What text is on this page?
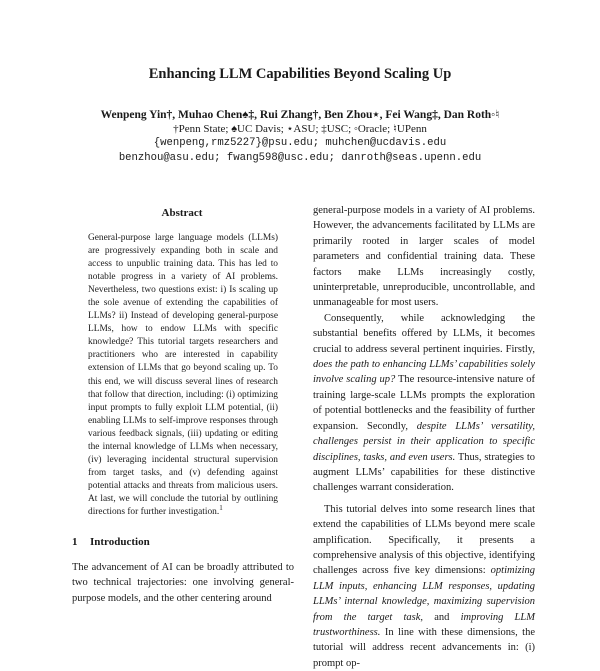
Enhancing LLM Capabilities Beyond Scaling Up
Wenpeng Yin†, Muhao Chen♠‡, Rui Zhang†, Ben Zhou⋆, Fei Wang‡, Dan Roth◦♮
†Penn State; ♠UC Davis; ⋆ASU; ‡USC; ◦Oracle; ♮UPenn
{wenpeng,rmz5227}@psu.edu; muhchen@ucdavis.edu
benzhou@asu.edu; fwang598@usc.edu; danroth@seas.upenn.edu
Abstract
General-purpose large language models (LLMs) are progressively expanding both in scale and access to unpublic training data. This has led to notable progress in a variety of AI problems. Nevertheless, two questions exist: i) Is scaling up the sole avenue of extending the capabilities of LLMs? ii) Instead of developing general-purpose LLMs, how to endow LLMs with specific knowledge? This tutorial targets researchers and practitioners who are interested in capability extension of LLMs that go beyond scaling up. To this end, we will discuss several lines of research that follow that direction, including: (i) optimizing input prompts to fully exploit LLM potential, (ii) enabling LLMs to self-improve responses through various feedback signals, (iii) updating or editing the internal knowledge of LLMs when necessary, (iv) leveraging incidental structural supervision from target tasks, and (v) defending against potential attacks and threats from malicious users. At last, we will conclude the tutorial by outlining directions for further investigation.$^1$
1 Introduction
The advancement of AI can be broadly attributed to two technical trajectories: one involving general-purpose models, and the other centering around

general-purpose models in a variety of AI problems. However, the advancements facilitated by LLMs are primarily rooted in larger scales of model parameters and confidential training data. These factors make LLMs increasingly costly, uninterpretable, unreproducible, uncontrollable, and unmanageable for most users.

Consequently, while acknowledging the substantial benefits offered by LLMs, it becomes crucial to address several pertinent inquiries. Firstly, does the path to enhancing LLMs’ capabilities solely involve scaling up? The resource-intensive nature of training large-scale LLMs prompts the exploration of potential bottlenecks and the feasibility of further expansion. Secondly, despite LLMs’ versatility, challenges persist in their application to specific disciplines, tasks, and even users. Thus, strategies to augment LLMs’ capabilities for these distinctive challenges warrant consideration.

This tutorial delves into some research lines that extend the capabilities of LLMs beyond mere scale amplification. Specifically, it presents a comprehensive analysis of this objective, identifying challenges across five key dimensions: optimizing LLM inputs, enhancing LLM responses, updating LLMs’ internal knowledge, maximizing supervision from the target task, and improving LLM trustworthiness. In line with these dimensions, the tutorial will address recent advancements in: (i) prompt op-
